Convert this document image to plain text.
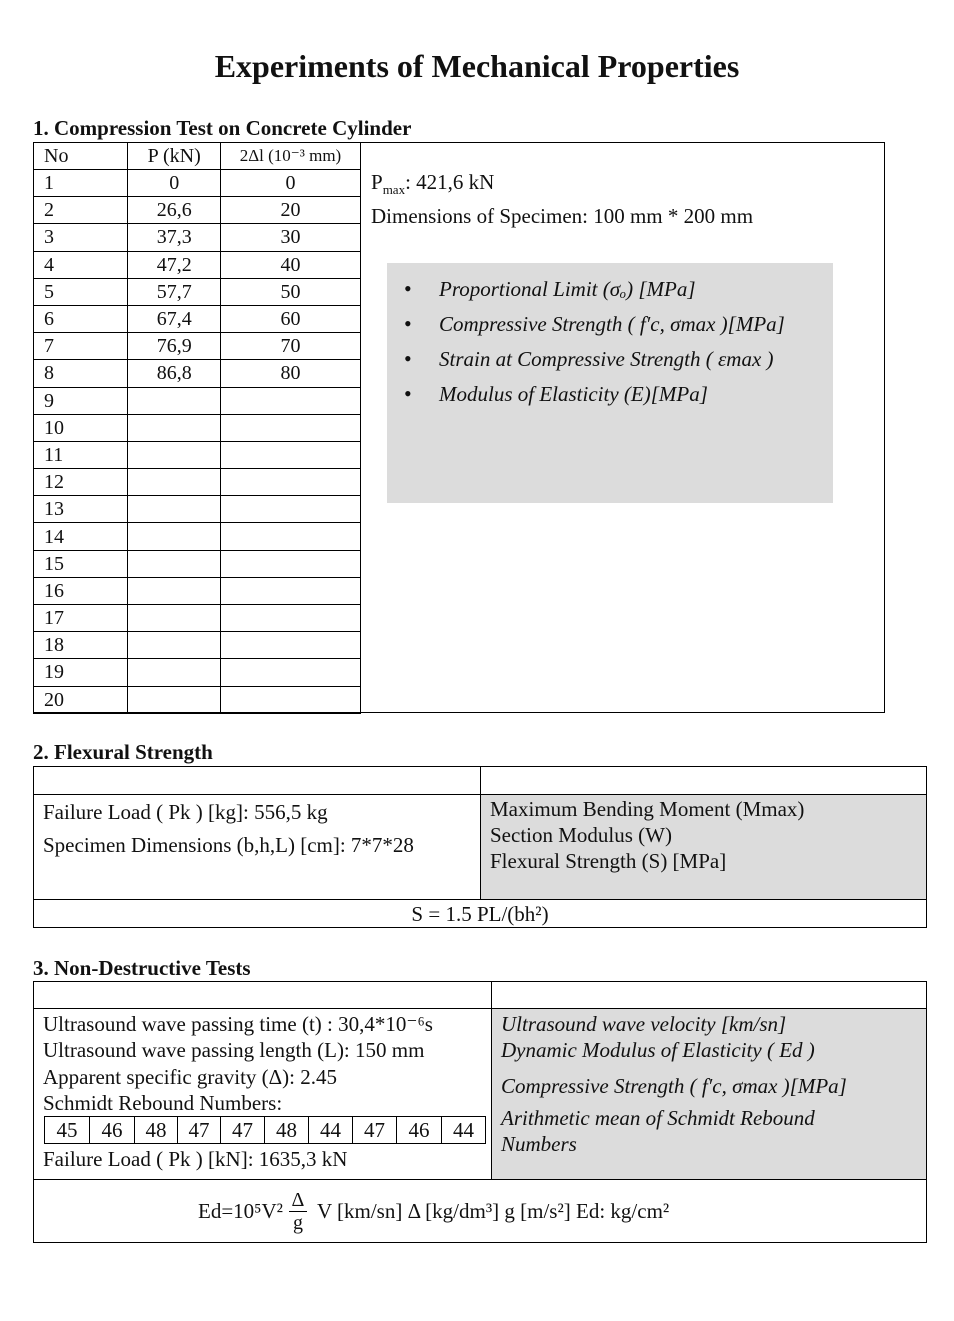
Experiments of Mechanical Properties
1. Compression Test on Concrete Cylinder
No	P (kN)	2Δl (10⁻³ mm)
1	0	0
2	26,6	20
3	37,3	30
4	47,2	40
5	57,7	50
6	67,4	60
7	76,9	70
8	86,8	80
9		
10		
11		
12		
13		
14		
15		
16		
17		
18		
19		
20		
$P_{max}$: 421,6 kN
Dimensions of Specimen: 100 mm * 200 mm
• Proportional Limit (σₒ) [MPa]
• Compressive Strength ( f′c, σmax )[MPa]
• Strain at Compressive Strength ( εmax )
• Modulus of Elasticity (E)[MPa]
2. Flexural Strength
Failure Load ( Pk ) [kg]: 556,5 kg
Specimen Dimensions (b,h,L) [cm]: 7*7*28
Maximum Bending Moment (Mmax)
Section Modulus (W)
Flexural Strength (S) [MPa]
S = 1.5 PL/(bh²)
3. Non-Destructive Tests
Ultrasound wave passing time (t) : 30,4*10⁻⁶s
Ultrasound wave passing length (L): 150 mm
Apparent specific gravity (Δ): 2.45
Schmidt Rebound Numbers:
45	46	48	47	47	48	44	47	46	44
Failure Load ( Pk ) [kN]: 1635,3 kN
Ultrasound wave velocity [km/sn]
Dynamic Modulus of Elasticity ( Ed )
Compressive Strength ( f′c, σmax )[MPa]
Arithmetic mean of Schmidt Rebound
Numbers
$Ed=10^5V^2 \frac{\Delta}{g}$ V [km/sn] Δ [kg/dm³] g [m/s²] Ed: kg/cm²
